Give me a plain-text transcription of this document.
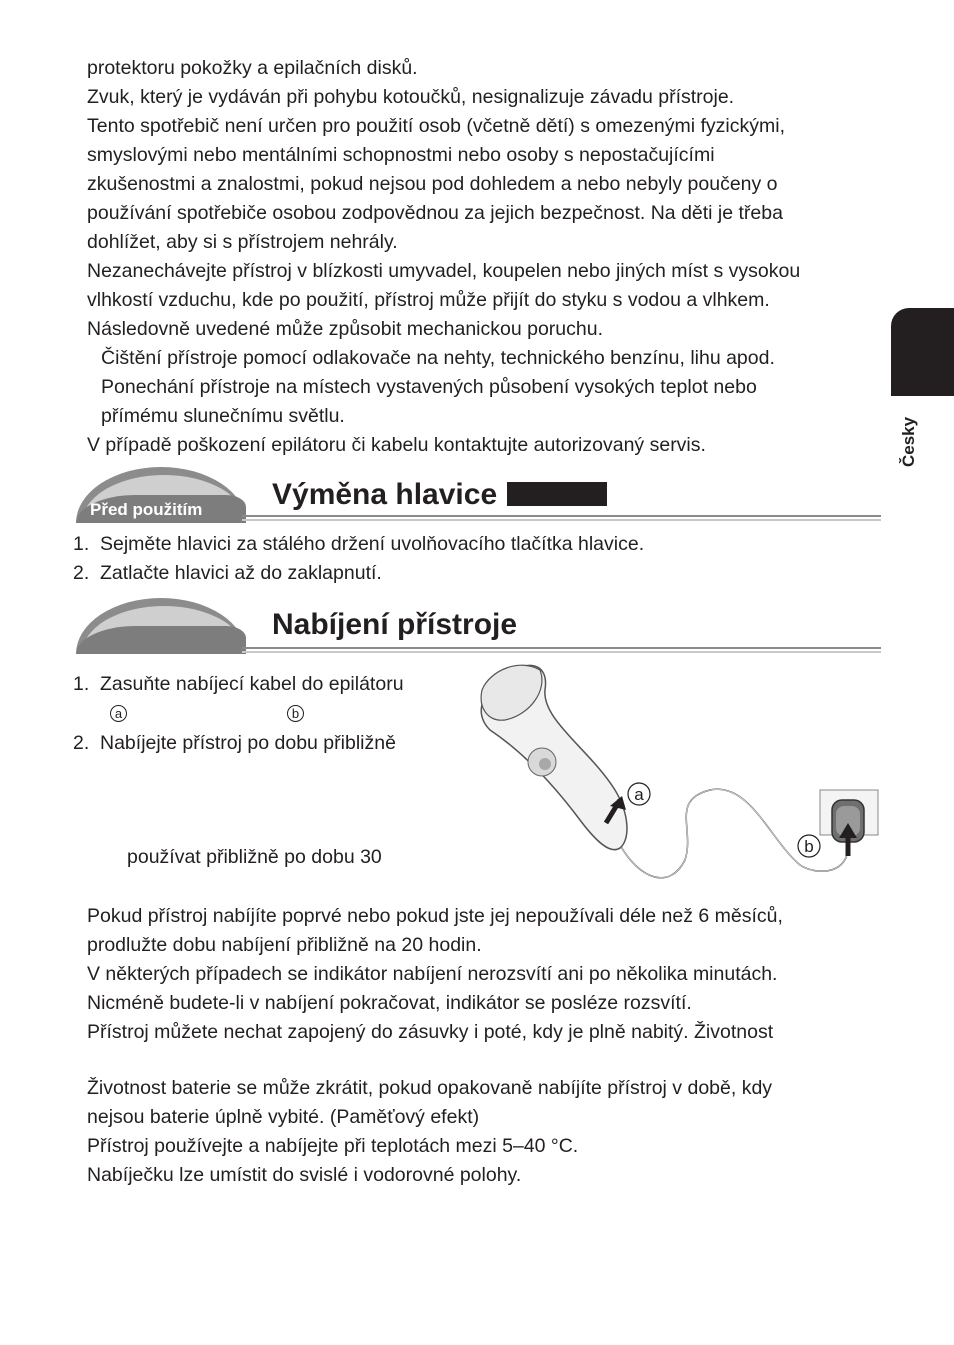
protektoru pokožky a epilačních disků.

Zvuk, který je vydáván při pohybu kotoučků, nesignalizuje závadu přístroje.

Tento spotřebič není určen pro použití osob (včetně dětí) s omezenými fyzickými,

smyslovými nebo mentálními schopnostmi nebo osoby s nepostačujícími

zkušenostmi a znalostmi, pokud nejsou pod dohledem a nebo nebyly poučeny o

používání spotřebiče osobou zodpovědnou za jejich bezpečnost. Na děti je třeba

dohlížet, aby si s přístrojem nehrály.

Nezanechávejte přístroj v blízkosti umyvadel, koupelen nebo jiných míst s vysokou

vlhkostí vzduchu, kde po použití, přístroj může přijít do styku s vodou a vlhkem.

Následovně uvedené může způsobit mechanickou poruchu.

Čištění přístroje pomocí odlakovače na nehty, technického benzínu, lihu apod.

Ponechání přístroje na místech vystavených působení vysokých teplot nebo

přímému slunečnímu světlu.

V případě poškození epilátoru či kabelu kontaktujte autorizovaný servis.	Česky
Před použitím Výměna hlavice
1. Sejměte hlavici za stálého držení uvolňovacího tlačítka hlavice.
2. Zatlačte hlavici až do zaklapnutí.
Nabíjení přístroje
1. Zasuňte nabíjecí kabel do epilátoru
a	b
2. Nabíjejte přístroj po dobu přibližně

používat přibližně po dobu 30

a
b

Pokud přístroj nabíjíte poprvé nebo pokud jste jej nepoužívali déle než 6 měsíců,

prodlužte dobu nabíjení přibližně na 20 hodin.

V některých případech se indikátor nabíjení nerozsvítí ani po několika minutách.

Nicméně budete-li v nabíjení pokračovat, indikátor se posléze rozsvítí.

Přístroj můžete nechat zapojený do zásuvky i poté, kdy je plně nabitý. Životnost

Životnost baterie se může zkrátit, pokud opakovaně nabíjíte přístroj v době, kdy

nejsou baterie úplně vybité. (Paměťový efekt)

Přístroj používejte a nabíjejte při teplotách mezi 5–40 °C.

Nabíječku lze umístit do svislé i vodorovné polohy.
